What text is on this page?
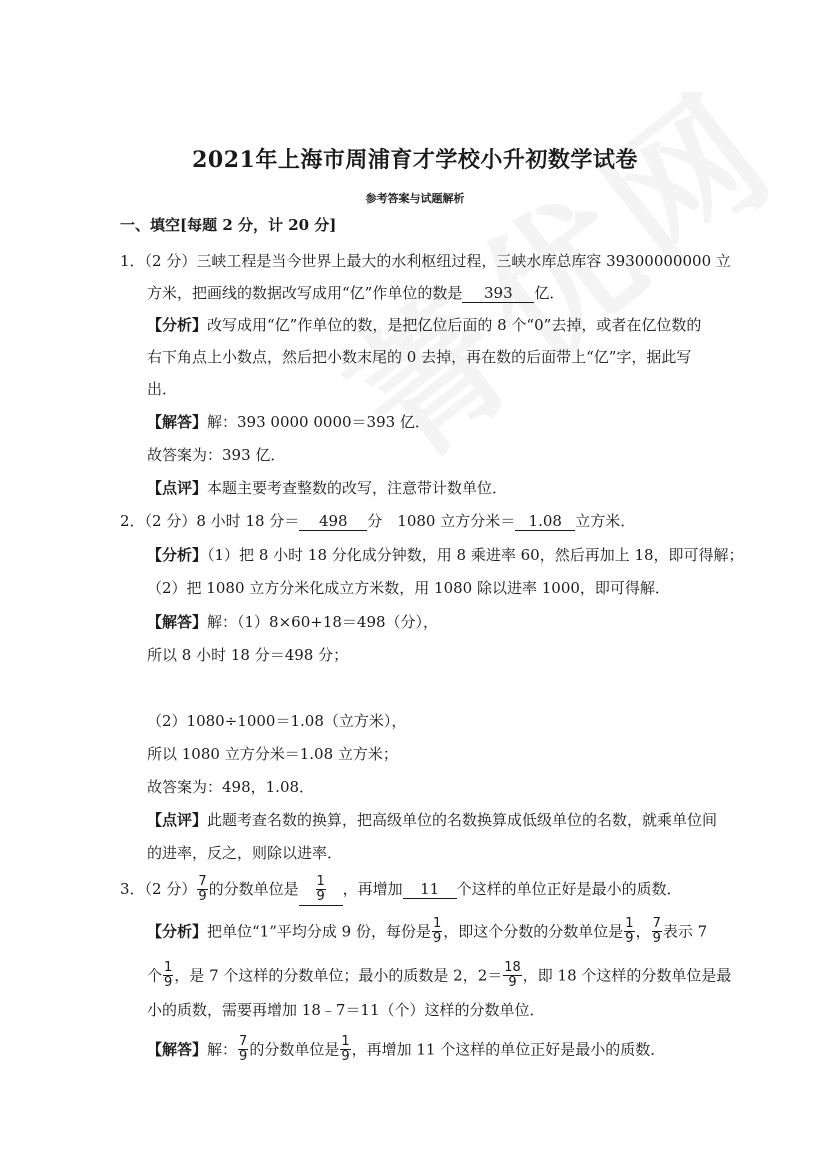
2021年上海市周浦育才学校小升初数学试卷
参考答案与试题解析
一、填空[每题 2 分，计 20 分]
1．（2 分）三峡工程是当今世界上最大的水利枢纽过程，三峡水库总库容 39300000000 立
方米，把画线的数据改写成用“亿”作单位的数是 393 亿．
【分析】改写成用“亿”作单位的数，是把亿位后面的 8 个“0”去掉，或者在亿位数的
右下角点上小数点，然后把小数末尾的 0 去掉，再在数的后面带上“亿”字，据此写
出．
【解答】解：393 0000 0000＝393 亿．
故答案为：393 亿．
【点评】本题主要考查整数的改写，注意带计数单位．
2．（2 分）8 小时 18 分＝ 498 分　1080 立方分米＝ 1.08 立方米．
【分析】（1）把 8 小时 18 分化成分钟数，用 8 乘进率 60，然后再加上 18，即可得解；
（2）把 1080 立方分米化成立方米数，用 1080 除以进率 1000，即可得解．
【解答】解：（1）8×60+18＝498（分），
所以 8 小时 18 分＝498 分；
（2）1080÷1000＝1.08（立方米），
所以 1080 立方分米＝1.08 立方米；
故答案为：498，1.08．
【点评】此题考查名数的换算，把高级单位的名数换算成低级单位的名数，就乘单位间
的进率，反之，则除以进率．
3．（2 分） $\frac{7}{9}$ 的分数单位是 $\frac{1}{9}$ ，再增加 11 个这样的单位正好是最小的质数．
【分析】把单位“1”平均分成 9 份，每份是 $\frac{1}{9}$ ，即这个分数的分数单位是 $\frac{1}{9}$ ， $\frac{7}{9}$ 表示 7
个 $\frac{1}{9}$ ，是 7 个这样的分数单位；最小的质数是 2，$2= \frac{18}{9}$ ，即 18 个这样的分数单位是最
小的质数，需要再增加 18﹣7＝11（个）这样的分数单位．
【解答】解： $\frac{7}{9}$ 的分数单位是 $\frac{1}{9}$ ，再增加 11 个这样的单位正好是最小的质数．
